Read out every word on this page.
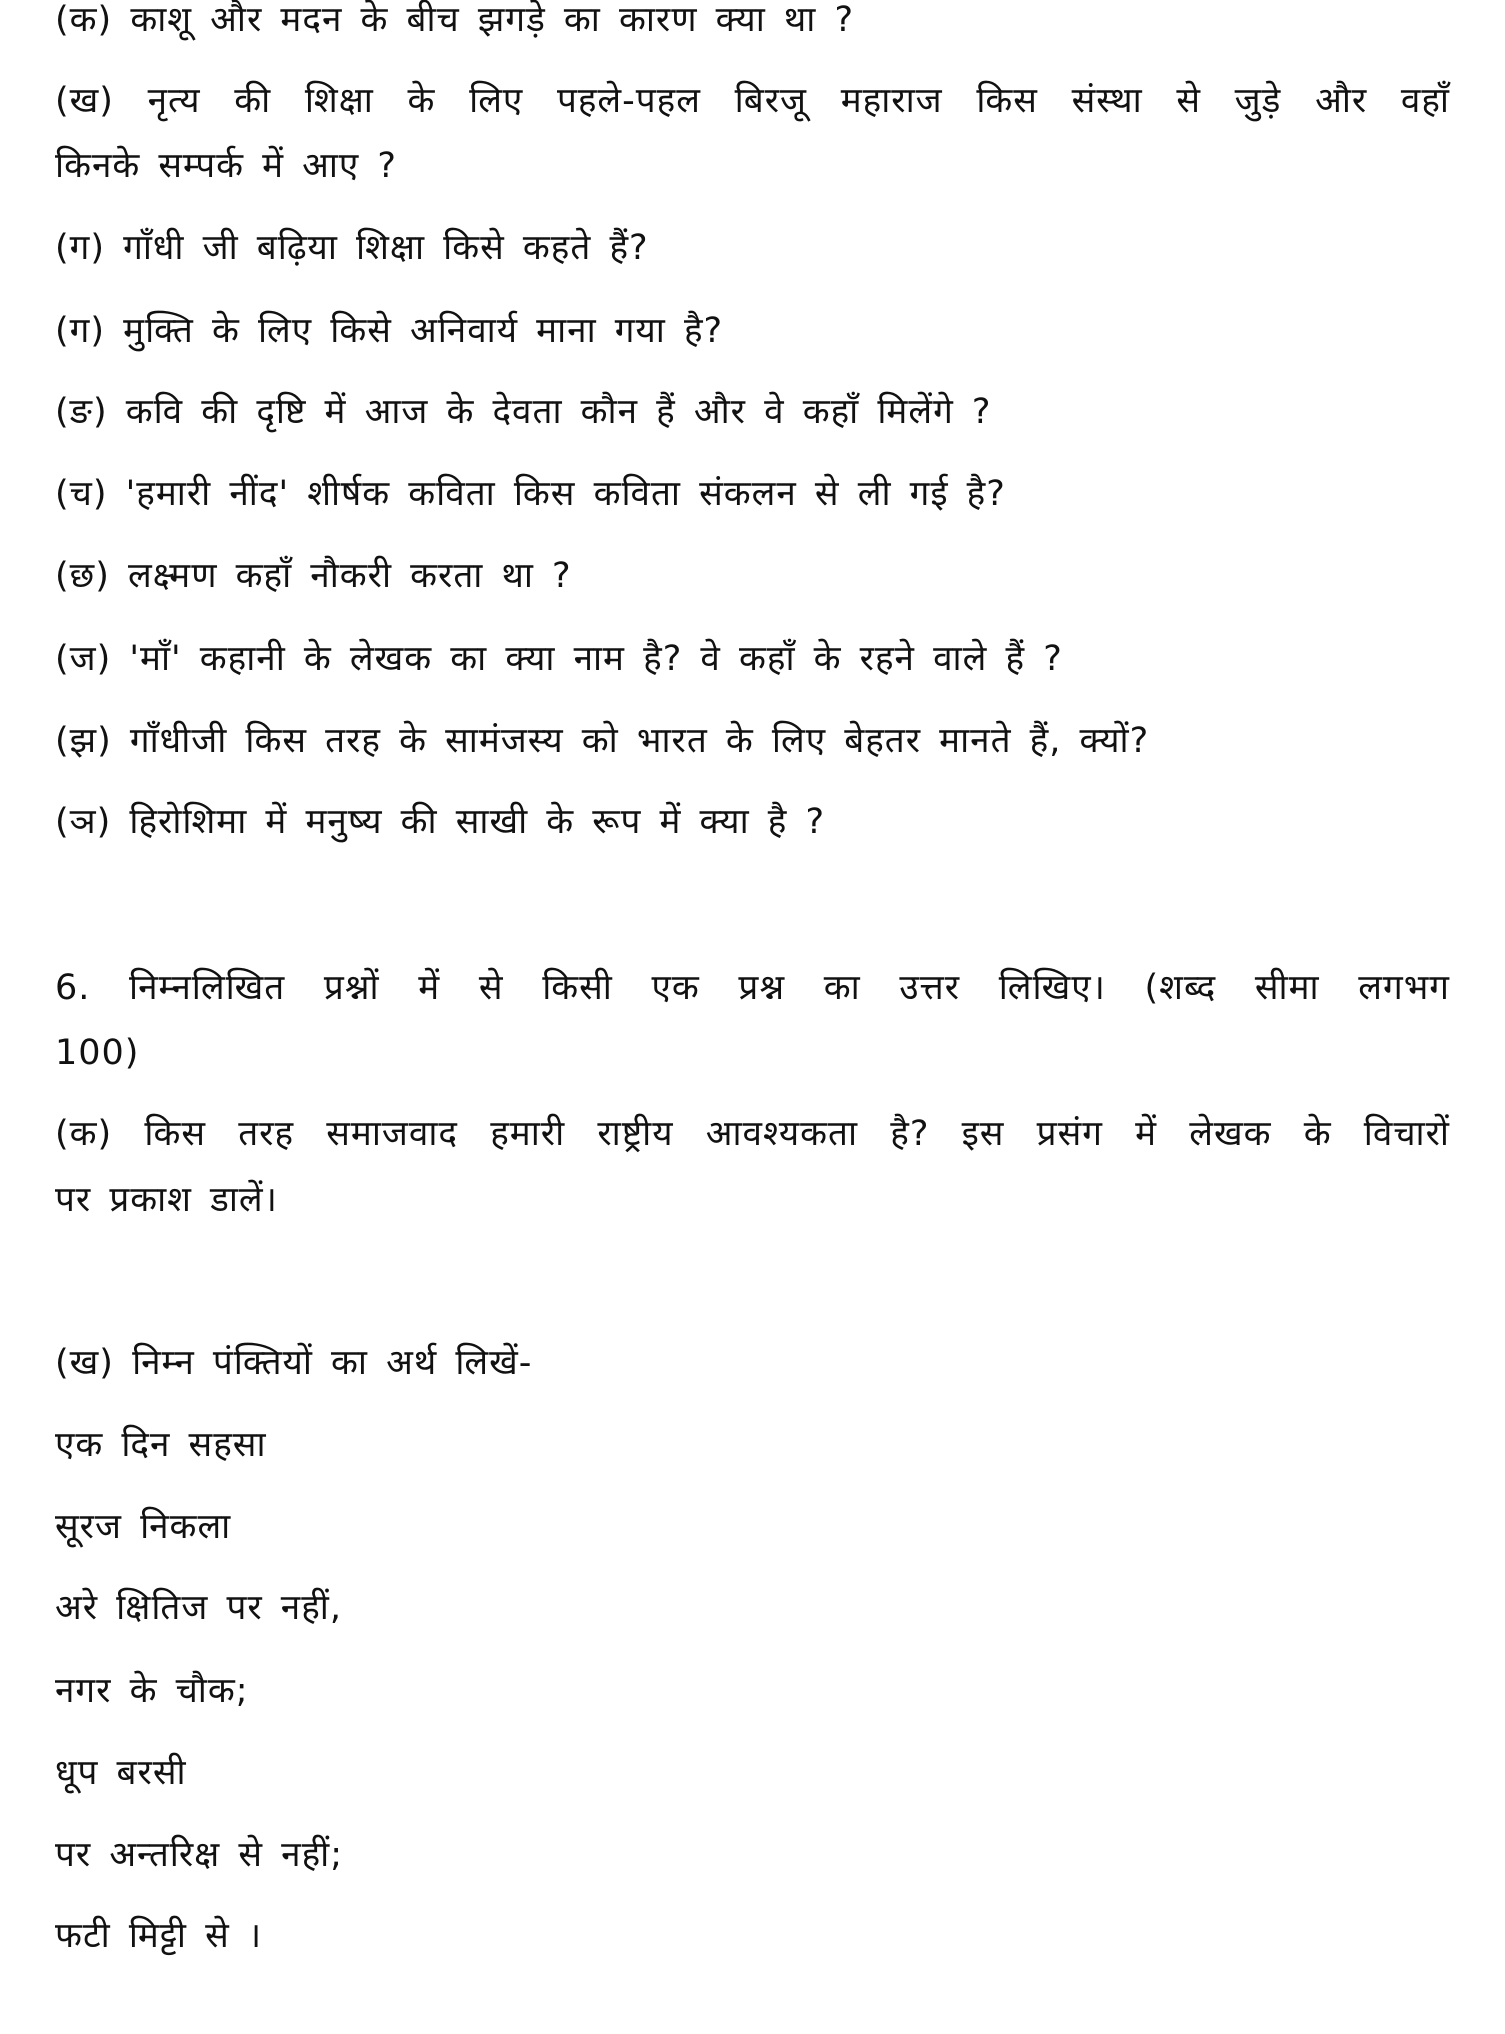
(क) काशू और मदन के बीच झगड़े का कारण क्या था ?
(ख) नृत्य की शिक्षा के लिए पहले-पहल बिरजू महाराज किस संस्था से जुड़े और वहाँ
किनके सम्पर्क में आए ?
(ग) गाँधी जी बढ़िया शिक्षा किसे कहते हैं?
(ग) मुक्ति के लिए किसे अनिवार्य माना गया है?
(ङ) कवि की दृष्टि में आज के देवता कौन हैं और वे कहाँ मिलेंगे ?
(च) 'हमारी नींद' शीर्षक कविता किस कविता संकलन से ली गई है?
(छ) लक्ष्मण कहाँ नौकरी करता था ?
(ज) 'माँ' कहानी के लेखक का क्या नाम है? वे कहाँ के रहने वाले हैं ?
(झ) गाँधीजी किस तरह के सामंजस्य को भारत के लिए बेहतर मानते हैं, क्यों?
(ञ) हिरोशिमा में मनुष्य की साखी के रूप में क्या है ?
6. निम्नलिखित प्रश्नों में से किसी एक प्रश्न का उत्तर लिखिए। (शब्द सीमा लगभग
100)
(क) किस तरह समाजवाद हमारी राष्ट्रीय आवश्यकता है? इस प्रसंग में लेखक के विचारों
पर प्रकाश डालें।
(ख) निम्न पंक्तियों का अर्थ लिखें-
एक दिन सहसा
सूरज निकला
अरे क्षितिज पर नहीं,
नगर के चौक;
धूप बरसी
पर अन्तरिक्ष से नहीं;
फटी मिट्टी से ।
